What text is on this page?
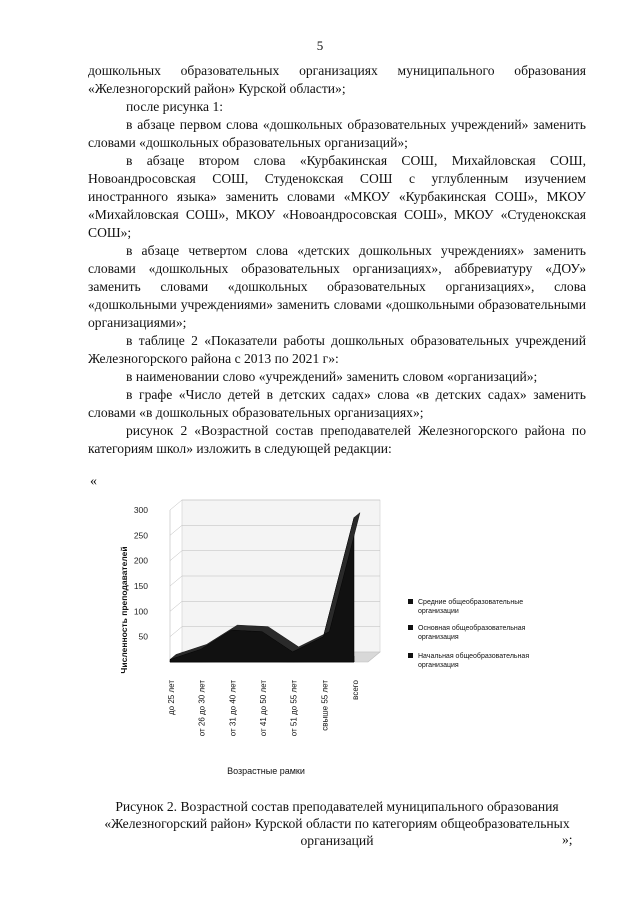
5

дошкольных образовательных организациях муниципального образования «Железногорский район» Курской области»;

после рисунка 1:

в абзаце первом слова «дошкольных образовательных учреждений» заменить словами «дошкольных образовательных организаций»;

в абзаце втором слова «Курбакинская СОШ, Михайловская СОШ, Новоандросовская СОШ, Студенокская СОШ с углубленным изучением иностранного языка» заменить словами «МКОУ «Курбакинская СОШ», МКОУ «Михайловская СОШ», МКОУ «Новоандросовская СОШ», МКОУ «Студенокская СОШ»;

в абзаце четвертом слова «детских дошкольных учреждениях» заменить словами «дошкольных образовательных организациях», аббревиатуру «ДОУ» заменить словами «дошкольных образовательных организациях», слова «дошкольными учреждениями» заменить словами «дошкольными образовательными организациями»;

в таблице 2 «Показатели работы дошкольных образовательных учреждений Железногорского района с 2013 по 2021 г»:

в наименовании слово «учреждений» заменить словом «организаций»;

в графе «Число детей в детских садах» слова «в детских садах» заменить словами «в дошкольных образовательных организациях»;

рисунок 2 «Возрастной состав преподавателей Железногорского района по категориям школ» изложить в следующей редакции:

«
50
100
150
200
250
300
до 25 лет	от 26 до 30 лет	от 31 до 40 лет	от 41 до 50 лет	от 51 до 55 лет	свыше 55 лет	всего
Средние общеобразовательные
организации
Основная общеобразовательная
организация
Начальная общеобразовательная
организация
Численность преподавателей
Возрастные рамки
Рисунок 2. Возрастной состав преподавателей муниципального образования «Железногорский район» Курской области по категориям общеобразовательных организаций	»;
